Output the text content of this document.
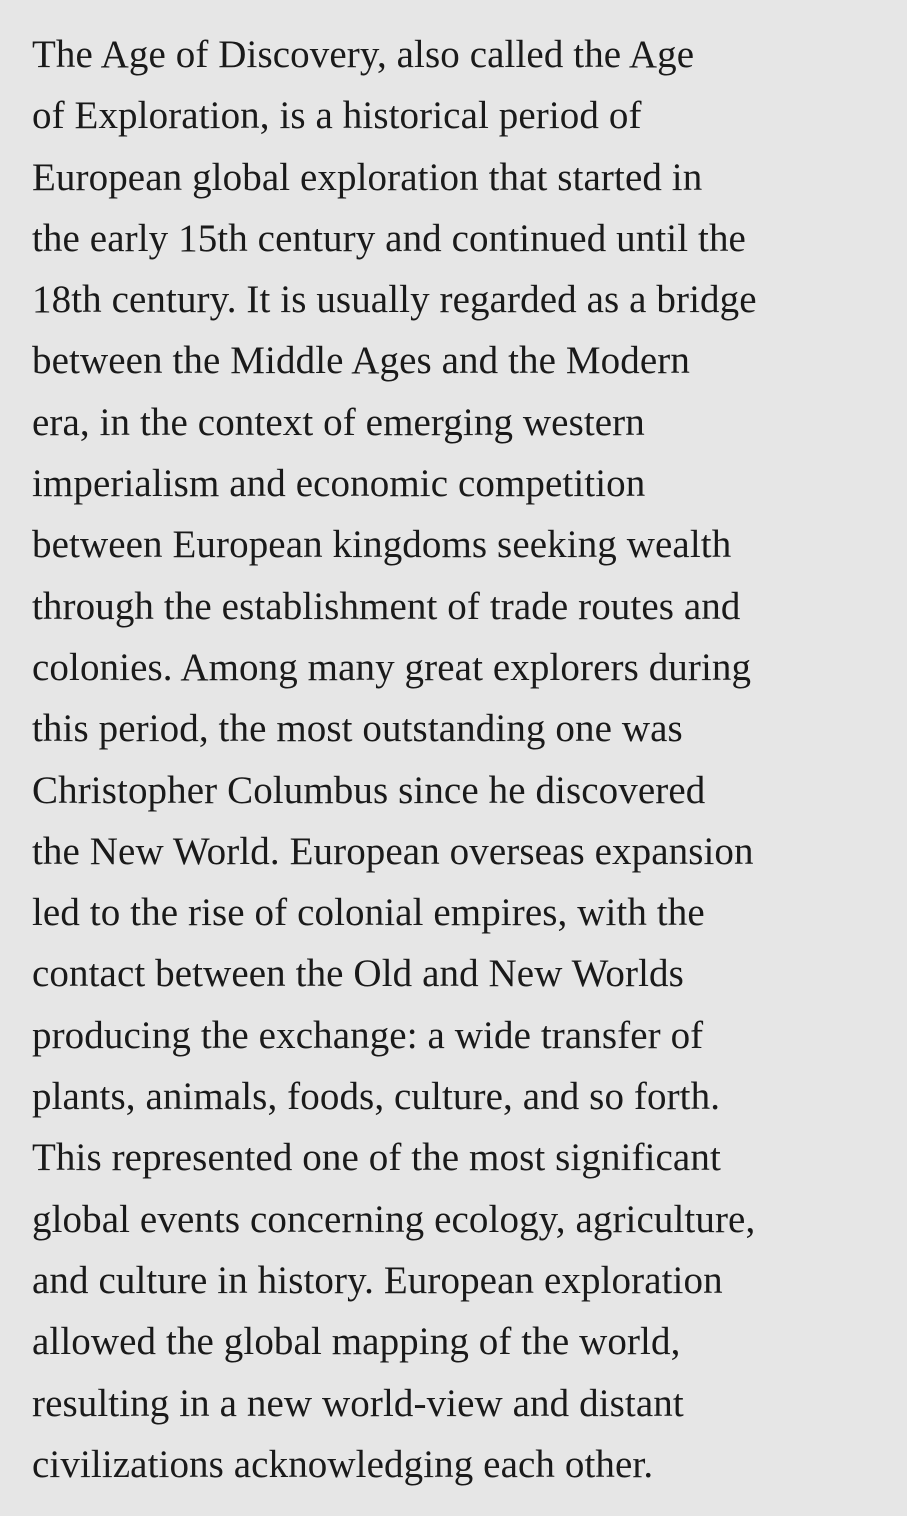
The Age of Discovery, also called the Age
of Exploration, is a historical period of
European global exploration that started in
the early 15th century and continued until the
18th century. It is usually regarded as a bridge
between the Middle Ages and the Modern
era, in the context of emerging western
imperialism and economic competition
between European kingdoms seeking wealth
through the establishment of trade routes and
colonies. Among many great explorers during
this period, the most outstanding one was
Christopher Columbus since he discovered
the New World. European overseas expansion
led to the rise of colonial empires, with the
contact between the Old and New Worlds
producing the exchange: a wide transfer of
plants, animals, foods, culture, and so forth.
This represented one of the most significant
global events concerning ecology, agriculture,
and culture in history. European exploration
allowed the global mapping of the world,
resulting in a new world-view and distant
civilizations acknowledging each other.
